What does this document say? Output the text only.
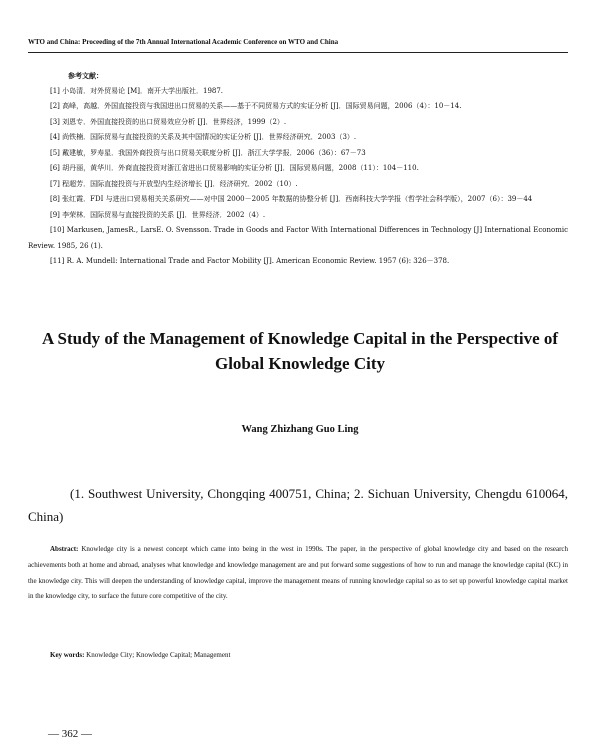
WTO and China: Proceeding of the 7th Annual International Academic Conference on WTO and China
参考文献：
[1] 小岛清．对外贸易论 [M]．南开大学出版社．1987.
[2] 高峰，高越．外国直接投资与我国进出口贸易的关系——基于不同贸易方式的实证分析 [J]．国际贸易问题，2006（4）：10－14.
[3] 刘恩专．外国直接投资的出口贸易效应分析 [J]．世界经济，1999（2）.
[4] 尚铁楠．国际贸易与直接投资的关系及其中国情况的实证分析 [J]．世界经济研究．2003（3）.
[5] 戴建敏，罗寿星．我国外商投资与出口贸易关联度分析 [J]．浙江大学学报．2006（36）：67－73
[6] 胡丹丽，黄华川．外商直接投资对浙江省进出口贸易影响的实证分析 [J]．国际贸易问题，2008（11）：104－110.
[7] 程超芳．国际直接投资与开放型内生经济增长 [J]．经济研究．2002（10）.
[8] 张红霞．FDI 与进出口贸易相关关系研究——对中国 2000－2005 年数据的协整分析 [J]．西南科技大学学报（哲学社会科学版），2007（6）：39－44
[9] 李荣林．国际贸易与直接投资的关系 [J]．世界经济．2002（4）.
[10] Markusen, JamesR., LarsE. O. Svensson. Trade in Goods and Factor With International Differences in Technology [J] International Economic Review. 1985, 26 (1).
[11] R. A. Mundell: International Trade and Factor Mobility [J]. American Economic Review. 1957 (6): 326－378.
A Study of the Management of Knowledge Capital in the Perspective of Global Knowledge City
Wang Zhizhang Guo Ling
(1. Southwest University, Chongqing 400751, China; 2. Sichuan University, Chengdu 610064, China)
Abstract: Knowledge city is a newest concept which came into being in the west in 1990s. The paper, in the perspective of global knowledge city and based on the research achievements both at home and abroad, analyses what knowledge and knowledge management are and put forward some suggestions of how to run and manage the knowledge capital (KC) in the knowledge city. This will deepen the understanding of knowledge capital, improve the management means of running knowledge capital so as to set up powerful knowledge capital market in the knowledge city, to surface the future core competitive of the city.
Key words: Knowledge City; Knowledge Capital; Management
— 362 —
